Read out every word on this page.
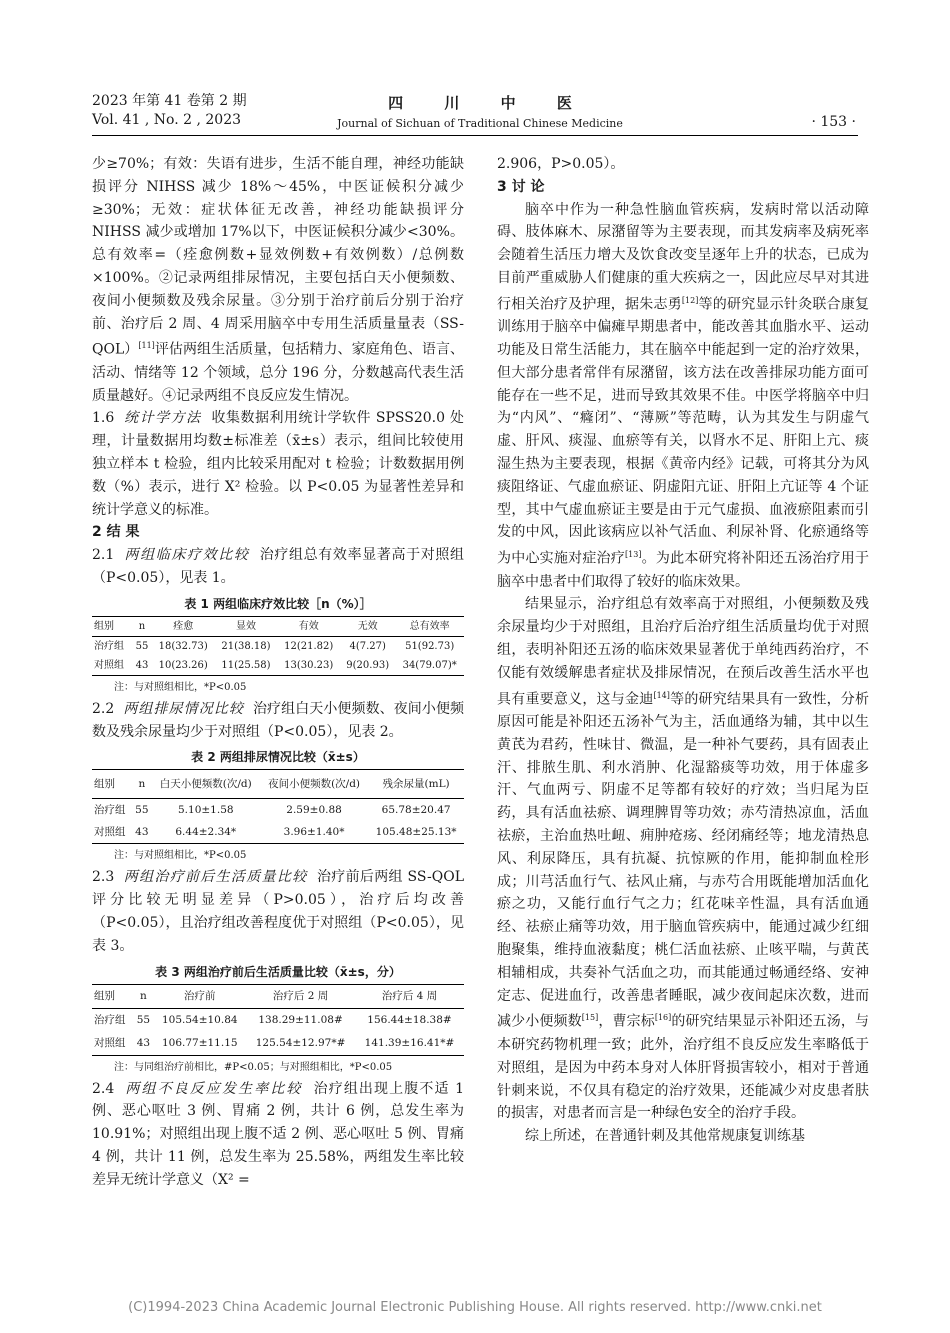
2023 年第 41 卷第 2 期
Vol. 41 , No. 2 , 2023
四 川 中 医
Journal of Sichuan of Traditional Chinese Medicine	· 153 ·

少≥70%；有效：失语有进步，生活不能自理，神经功能缺损评分 NIHSS 减少 18%～45%，中医证候积分减少≥30%；无效：症状体征无改善，神经功能缺损评分 NIHSS 减少或增加 17%以下，中医证候积分减少<30%。总有效率=（痊愈例数+显效例数+有效例数）/总例数×100%。②记录两组排尿情况，主要包括白天小便频数、夜间小便频数及残余尿量。③分别于治疗前后分别于治疗前、治疗后 2 周、4 周采用脑卒中专用生活质量量表（SS-QOL）[11]评估两组生活质量，包括精力、家庭角色、语言、活动、情绪等 12 个领域，总分 196 分，分数越高代表生活质量越好。④记录两组不良反应发生情况。

1.6 统计学方法 收集数据利用统计学软件 SPSS20.0 处理，计量数据用均数±标准差（x̄±s）表示，组间比较使用独立样本 t 检验，组内比较采用配对 t 检验；计数数据用例数（%）表示，进行 X² 检验。以 P<0.05 为显著性差异和统计学意义的标准。

2 结 果

2.1 两组临床疗效比较 治疗组总有效率显著高于对照组（P<0.05），见表 1。

表 1 两组临床疗效比较［n（%）］
组别	n	痊愈	显效	有效	无效	总有效率
治疗组	55	18(32.73)	21(38.18)	12(21.82)	4(7.27)	51(92.73)
对照组	43	10(23.26)	11(25.58)	13(30.23)	9(20.93)	34(79.07)*
注：与对照组相比，*P<0.05

2.2 两组排尿情况比较 治疗组白天小便频数、夜间小便频数及残余尿量均少于对照组（P<0.05），见表 2。

表 2 两组排尿情况比较（x̄±s）
组别	n	白天小便频数(次/d)	夜间小便频数(次/d)	残余尿量(mL)
治疗组	55	5.10±1.58	2.59±0.88	65.78±20.47
对照组	43	6.44±2.34*	3.96±1.40*	105.48±25.13*
注：与对照组相比，*P<0.05

2.3 两组治疗前后生活质量比较 治疗前后两组 SS-QOL 评分比较无明显差异（P>0.05），治疗后均改善（P<0.05），且治疗组改善程度优于对照组（P<0.05），见表 3。

表 3 两组治疗前后生活质量比较（x̄±s，分）
组别	n	治疗前	治疗后 2 周	治疗后 4 周
治疗组	55	105.54±10.84	138.29±11.08#	156.44±18.38#
对照组	43	106.77±11.15	125.54±12.97*#	141.39±16.41*#
注：与同组治疗前相比，#P<0.05；与对照组相比，*P<0.05

2.4 两组不良反应发生率比较 治疗组出现上腹不适 1 例、恶心呕吐 3 例、胃痛 2 例，共计 6 例，总发生率为 10.91%；对照组出现上腹不适 2 例、恶心呕吐 5 例、胃痛 4 例，共计 11 例，总发生率为 25.58%，两组发生率比较差异无统计学意义（X² =

2.906，P>0.05）。

3 讨 论

脑卒中作为一种急性脑血管疾病，发病时常以活动障碍、肢体麻木、尿潴留等为主要表现，而其发病率及病死率会随着生活压力增大及饮食改变呈逐年上升的状态，已成为目前严重威胁人们健康的重大疾病之一，因此应尽早对其进行相关治疗及护理，据朱志勇[12]等的研究显示针灸联合康复训练用于脑卒中偏瘫早期患者中，能改善其血脂水平、运动功能及日常生活能力，其在脑卒中能起到一定的治疗效果，但大部分患者常伴有尿潴留，该方法在改善排尿功能方面可能存在一些不足，进而导致其效果不佳。中医学将脑卒中归为“内风”、“癃闭”、“薄厥”等范畴，认为其发生与阴虚气虚、肝风、痰湿、血瘀等有关，以肾水不足、肝阳上亢、痰湿生热为主要表现，根据《黄帝内经》记载，可将其分为风痰阻络证、气虚血瘀证、阴虚阳亢证、肝阳上亢证等 4 个证型，其中气虚血瘀证主要是由于元气虚损、血液瘀阻素而引发的中风，因此该病应以补气活血、利尿补肾、化瘀通络等为中心实施对症治疗[13]。为此本研究将补阳还五汤治疗用于脑卒中患者中们取得了较好的临床效果。

结果显示，治疗组总有效率高于对照组，小便频数及残余尿量均少于对照组，且治疗后治疗组生活质量均优于对照组，表明补阳还五汤的临床效果显著优于单纯西药治疗，不仅能有效缓解患者症状及排尿情况，在预后改善生活水平也具有重要意义，这与金迪[14]等的研究结果具有一致性，分析原因可能是补阳还五汤补气为主，活血通络为辅，其中以生黄芪为君药，性味甘、微温，是一种补气要药，具有固表止汗、排脓生肌、利水消肿、化湿豁痰等功效，用于体虚多汗、气血两亏、阴虚不足等都有较好的疗效；当归尾为臣药，具有活血祛瘀、调理脾胃等功效；赤芍清热凉血，活血祛瘀，主治血热吐衄、痈肿疮疡、经闭痛经等；地龙清热息风、利尿降压，具有抗凝、抗惊厥的作用，能抑制血栓形成；川芎活血行气、祛风止痛，与赤芍合用既能增加活血化瘀之功，又能行血行气之力；红花味辛性温，具有活血通经、祛瘀止痛等功效，用于脑血管疾病中，能通过减少红细胞聚集，维持血液黏度；桃仁活血祛瘀、止咳平喘，与黄芪相辅相成，共奏补气活血之功，而其能通过畅通经络、安神定志、促进血行，改善患者睡眠，减少夜间起床次数，进而减少小便频数[15]，曹宗标[16]的研究结果显示补阳还五汤，与本研究药物机理一致；此外，治疗组不良反应发生率略低于对照组，是因为中药本身对人体肝肾损害较小，相对于普通针刺来说，不仅具有稳定的治疗效果，还能减少对皮患者肤的损害，对患者而言是一种绿色安全的治疗手段。

综上所述，在普通针刺及其他常规康复训练基

(C)1994-2023 China Academic Journal Electronic Publishing House. All rights reserved. http://www.cnki.net
